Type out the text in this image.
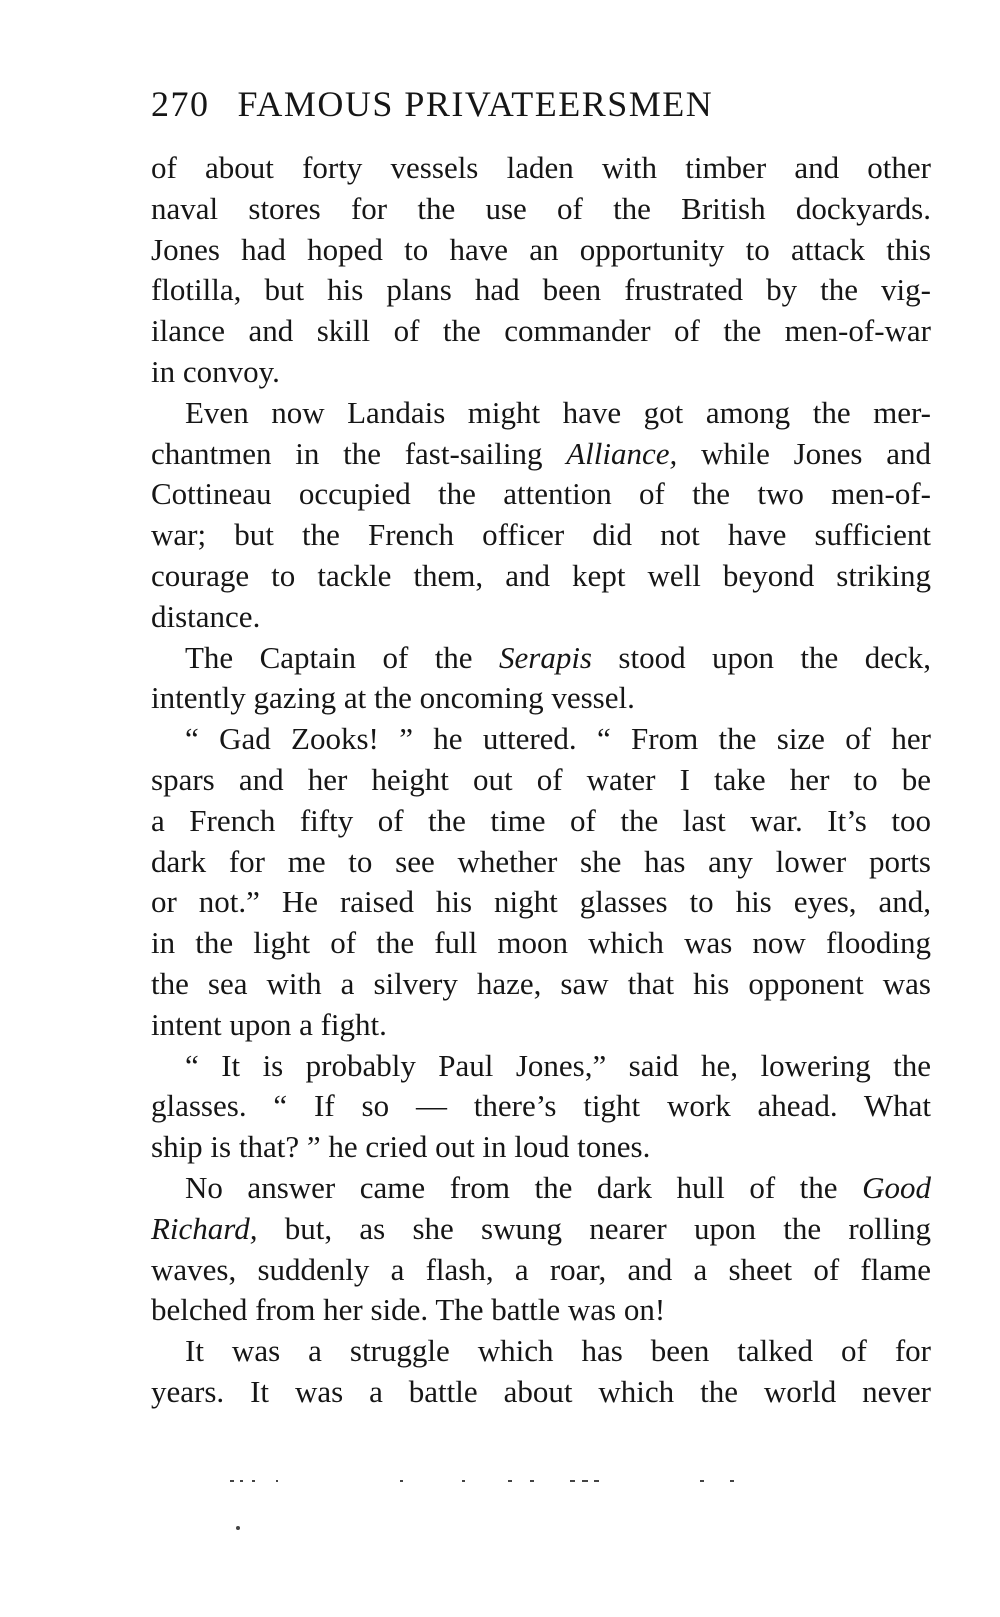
270 FAMOUS PRIVATEERSMEN
of about forty vessels laden with timber and other
naval stores for the use of the British dockyards.
Jones had hoped to have an opportunity to attack this
flotilla, but his plans had been frustrated by the vig-
ilance and skill of the commander of the men-of-war
in convoy.
Even now Landais might have got among the mer-
chantmen in the fast-sailing Alliance, while Jones and
Cottineau occupied the attention of the two men-of-
war; but the French officer did not have sufficient
courage to tackle them, and kept well beyond striking
distance.
The Captain of the Serapis stood upon the deck,
intently gazing at the oncoming vessel.
“ Gad Zooks! ” he uttered. “ From the size of her
spars and her height out of water I take her to be
a French fifty of the time of the last war. It’s too
dark for me to see whether she has any lower ports
or not.” He raised his night glasses to his eyes, and,
in the light of the full moon which was now flooding
the sea with a silvery haze, saw that his opponent was
intent upon a fight.
“ It is probably Paul Jones,” said he, lowering the
glasses. “ If so — there’s tight work ahead. What
ship is that? ” he cried out in loud tones.
No answer came from the dark hull of the Good
Richard, but, as she swung nearer upon the rolling
waves, suddenly a flash, a roar, and a sheet of flame
belched from her side. The battle was on!
It was a struggle which has been talked of for
years. It was a battle about which the world never
